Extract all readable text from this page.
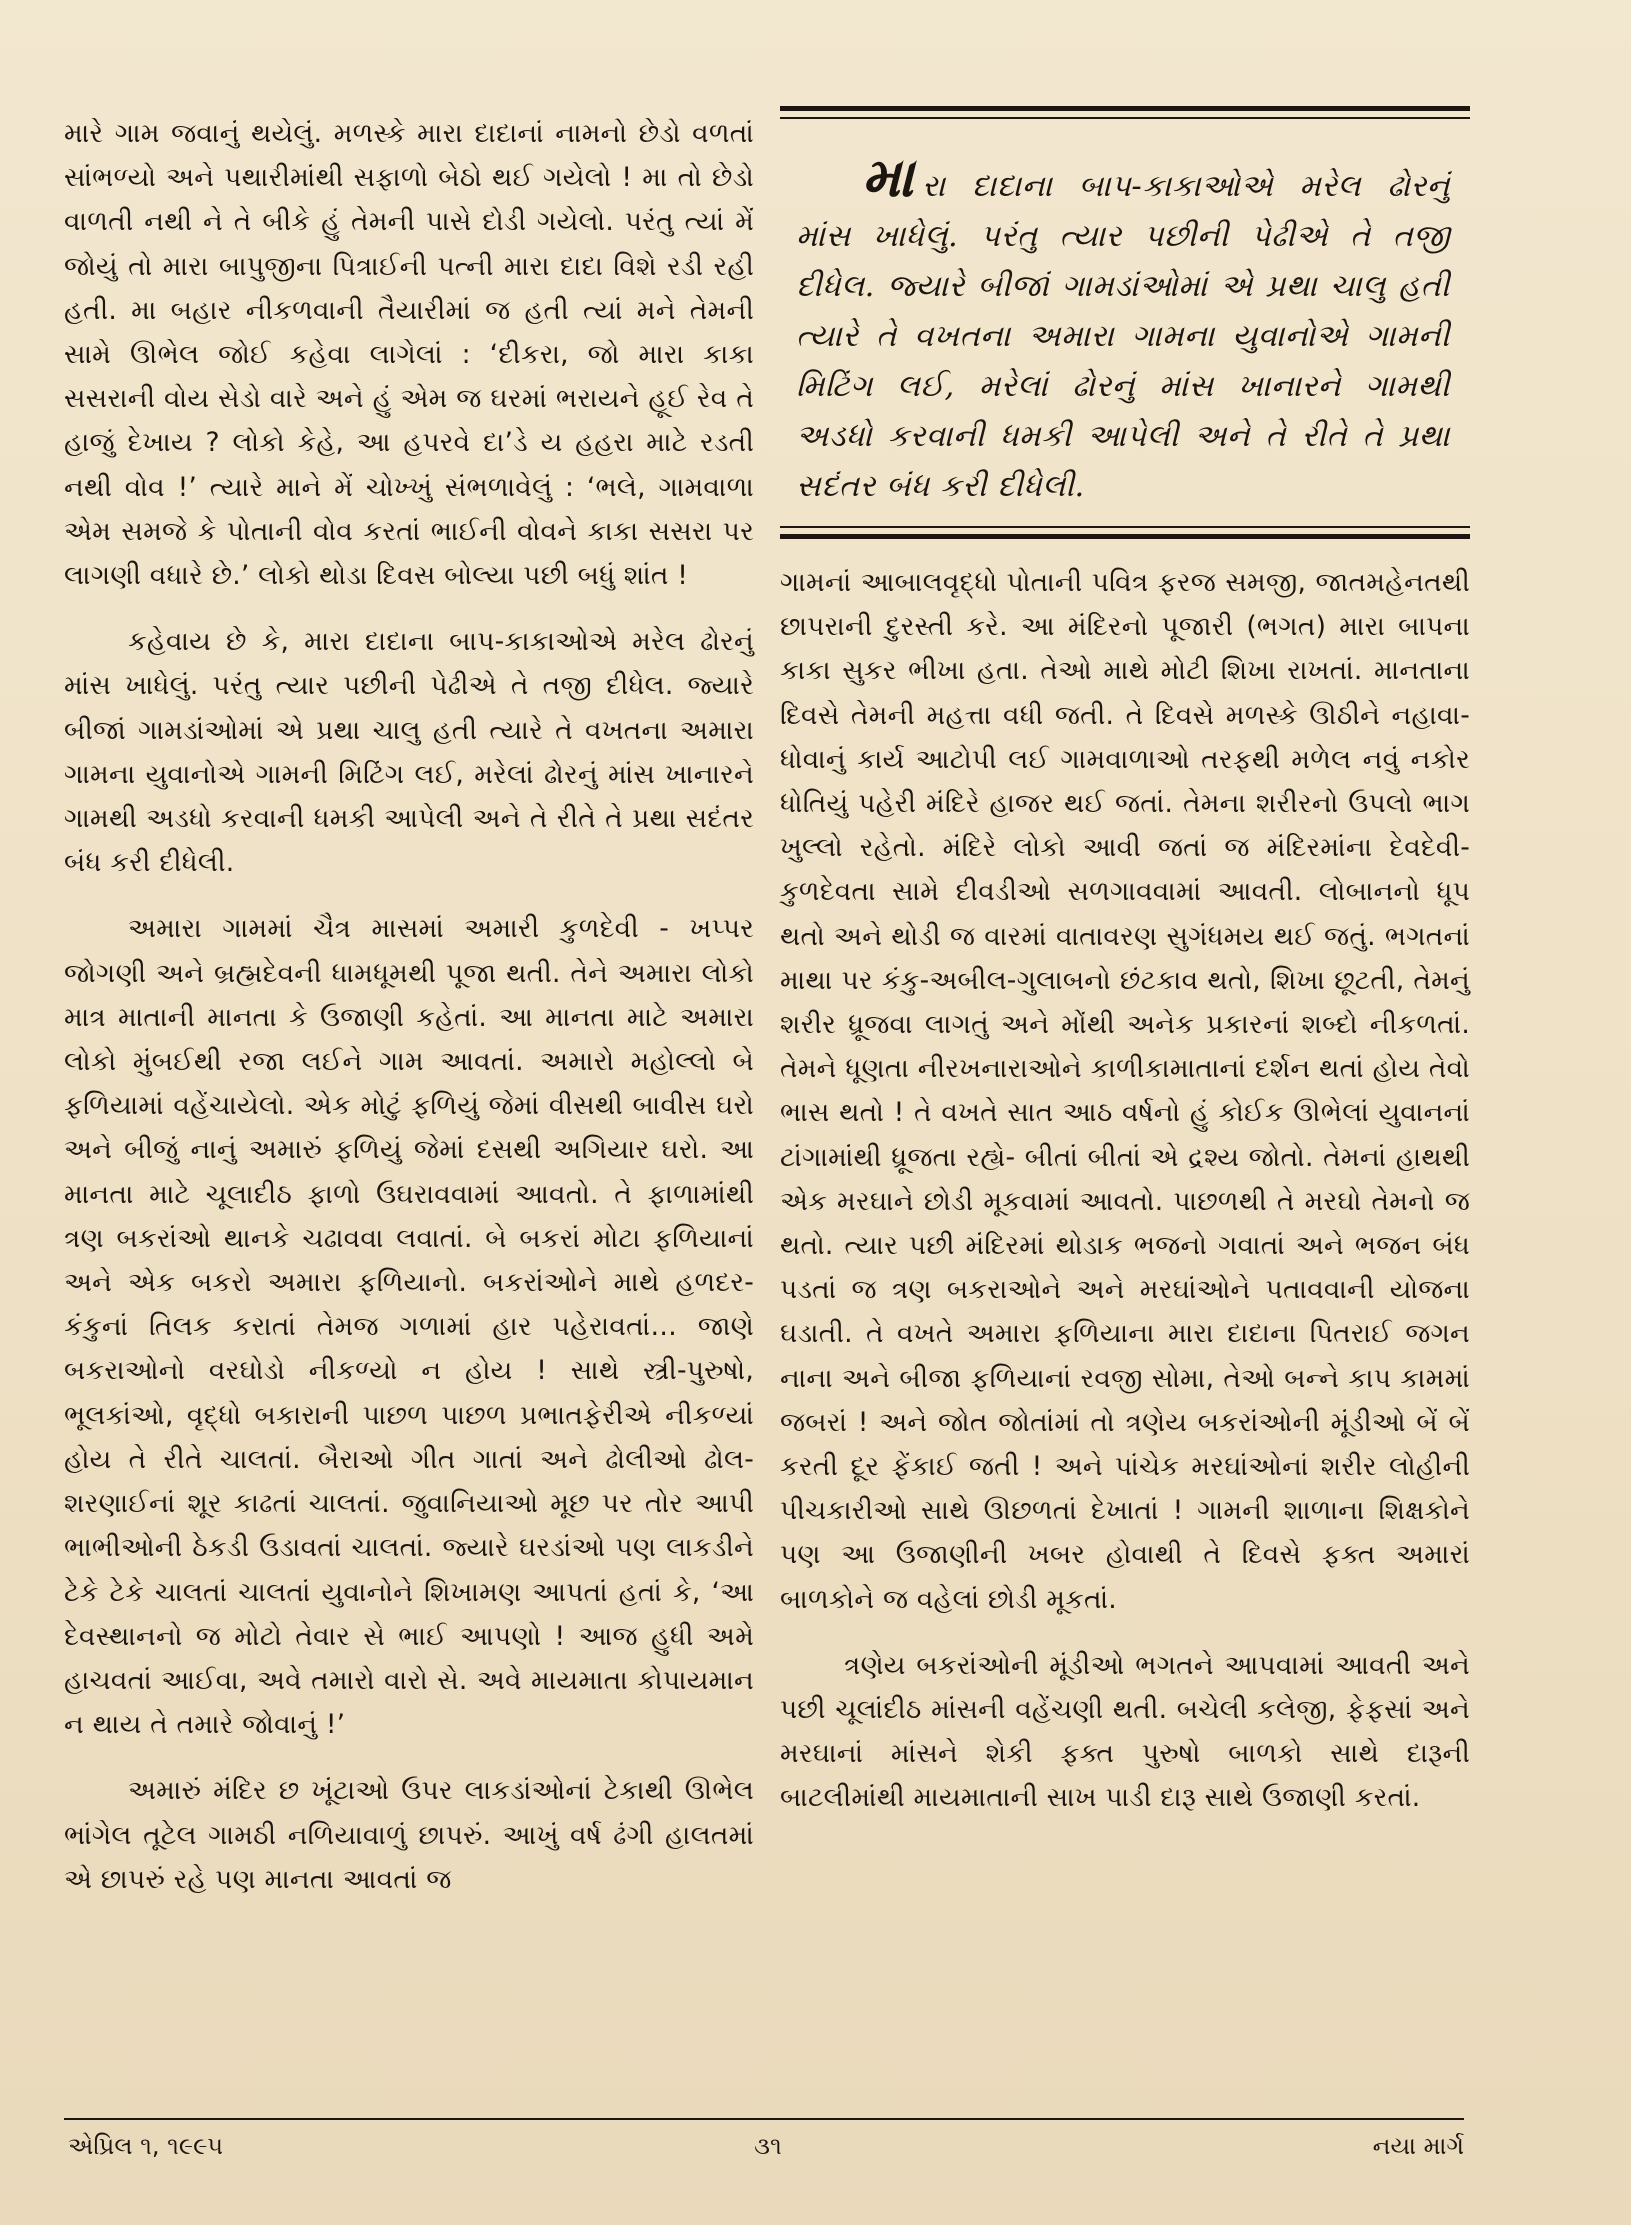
મારે ગામ જવાનું થયેલું. મળસ્કે મારા દાદાનાં નામનો છેડો વળતાં સાંભળ્યો અને પથારીમાંથી સફાળો બેઠો થઈ ગયેલો ! મા તો છેડો વાળતી નથી ને તે બીકે હું તેમની પાસે દોડી ગયેલો. પરંતુ ત્યાં મેં જોયું તો મારા બાપુજીના પિત્રાઈની પત્ની મારા દાદા વિશે રડી રહી હતી. મા બહાર નીકળવાની તૈયારીમાં જ હતી ત્યાં મને તેમની સામે ઊભેલ જોઈ કહેવા લાગેલાં : ‘દીકરા, જો મારા કાકા સસરાની વોય સેડો વારે અને હું એમ જ ઘરમાં ભરાયને હૂઈ રેવ તે હાજું દેખાય ? લોકો કેહે, આ હપરવે દા’ડે ય હહરા માટે રડતી નથી વોવ !’ ત્યારે માને મેં ચોખ્ખું સંભળાવેલું : ‘ભલે, ગામવાળા એમ સમજે કે પોતાની વોવ કરતાં ભાઈની વોવને કાકા સસરા પર લાગણી વધારે છે.’ લોકો થોડા દિવસ બોલ્યા પછી બધું શાંત !

કહેવાય છે કે, મારા દાદાના બાપ-કાકાઓએ મરેલ ઢોરનું માંસ ખાધેલું. પરંતુ ત્યાર પછીની પેઢીએ તે તજી દીધેલ. જ્યારે બીજાં ગામડાંઓમાં એ પ્રથા ચાલુ હતી ત્યારે તે વખતના અમારા ગામના યુવાનોએ ગામની મિટિંગ લઈ, મરેલાં ઢોરનું માંસ ખાનારને ગામથી અડધો કરવાની ધમકી આપેલી અને તે રીતે તે પ્રથા સદંતર બંધ કરી દીધેલી.

અમારા ગામમાં ચૈત્ર માસમાં અમારી કુળદેવી - ખપ્પર જોગણી અને બ્રહ્મદેવની ધામધૂમથી પૂજા થતી. તેને અમારા લોકો માત્ર માતાની માનતા કે ઉજાણી કહેતાં. આ માનતા માટે અમારા લોકો મુંબઈથી રજા લઈને ગામ આવતાં. અમારો મહોલ્લો બે ફળિયામાં વહેંચાયેલો. એક મોટું ફળિયું જેમાં વીસથી બાવીસ ઘરો અને બીજું નાનું અમારું ફળિયું જેમાં દસથી અગિયાર ઘરો. આ માનતા માટે ચૂલાદીઠ ફાળો ઉઘરાવવામાં આવતો. તે ફાળામાંથી ત્રણ બકરાંઓ થાનકે ચઢાવવા લવાતાં. બે બકરાં મોટા ફળિયાનાં અને એક બકરો અમારા ફળિયાનો. બકરાંઓને માથે હળદર-કંકુનાં તિલક કરાતાં તેમજ ગળામાં હાર પહેરાવતાં… જાણે બકરાઓનો વરઘોડો નીકળ્યો ન હોય ! સાથે સ્ત્રી-પુરુષો, ભૂલકાંઓ, વૃદ્ધો બકારાની પાછળ પાછળ પ્રભાતફેરીએ નીકળ્યાં હોય તે રીતે ચાલતાં. બૈરાઓ ગીત ગાતાં અને ઢોલીઓ ઢોલ-શરણાઈનાં શૂર કાઢતાં ચાલતાં. જુવાનિયાઓ મૂછ પર તોર આપી ભાભીઓની ઠેકડી ઉડાવતાં ચાલતાં. જ્યારે ઘરડાંઓ પણ લાકડીને ટેકે ટેકે ચાલતાં ચાલતાં યુવાનોને શિખામણ આપતાં હતાં કે, ‘આ દેવસ્થાનનો જ મોટો તેવાર સે ભાઈ આપણો ! આજ હુધી અમે હાચવતાં આઈવા, અવે તમારો વારો સે. અવે માયમાતા કોપાયમાન ન થાય તે તમારે જોવાનું !’

અમારું મંદિર છ ખૂંટાઓ ઉપર લાકડાંઓનાં ટેકાથી ઊભેલ ભાંગેલ તૂટેલ ગામઠી નળિયાવાળું છાપરું. આખું વર્ષ ઢંગી હાલતમાં એ છાપરું રહે પણ માનતા આવતાં જ

મારા દાદાના બાપ-કાકાઓએ મરેલ ઢોરનું માંસ ખાધેલું. પરંતુ ત્યાર પછીની પેઢીએ તે તજી દીધેલ. જ્યારે બીજાં ગામડાંઓમાં એ પ્રથા ચાલુ હતી ત્યારે તે વખતના અમારા ગામના યુવાનોએ ગામની મિટિંગ લઈ, મરેલાં ઢોરનું માંસ ખાનારને ગામથી અડધો કરવાની ધમકી આપેલી અને તે રીતે તે પ્રથા સદંતર બંધ કરી દીધેલી.

ગામનાં આબાલવૃદ્ધો પોતાની પવિત્ર ફરજ સમજી, જાતમહેનતથી છાપરાની દુરસ્તી કરે. આ મંદિરનો પૂજારી (ભગત) મારા બાપના કાકા સુકર ભીખા હતા. તેઓ માથે મોટી શિખા રાખતાં. માનતાના દિવસે તેમની મહત્તા વધી જતી. તે દિવસે મળસ્કે ઊઠીને નહાવા-ધોવાનું કાર્ય આટોપી લઈ ગામવાળાઓ તરફથી મળેલ નવું નકોર ધોતિયું પહેરી મંદિરે હાજર થઈ જતાં. તેમના શરીરનો ઉપલો ભાગ ખુલ્લો રહેતો. મંદિરે લોકો આવી જતાં જ મંદિરમાંના દેવદેવી-કુળદેવતા સામે દીવડીઓ સળગાવવામાં આવતી. લોબાનનો ધૂપ થતો અને થોડી જ વારમાં વાતાવરણ સુગંધમય થઈ જતું. ભગતનાં માથા પર કંકુ-અબીલ-ગુલાબનો છંટકાવ થતો, શિખા છૂટતી, તેમનું શરીર ધ્રૂજવા લાગતું અને મોંથી અનેક પ્રકારનાં શબ્દો નીકળતાં. તેમને ધૂણતા નીરખનારાઓને કાળીકામાતાનાં દર્શન થતાં હોય તેવો ભાસ થતો ! તે વખતે સાત આઠ વર્ષનો હું કોઈક ઊભેલાં યુવાનનાં ટાંગામાંથી ધ્રૂજતા રહ્યે- બીતાં બીતાં એ દ્રશ્ય જોતો. તેમનાં હાથથી એક મરઘાને છોડી મૂકવામાં આવતો. પાછળથી તે મરઘો તેમનો જ થતો. ત્યાર પછી મંદિરમાં થોડાક ભજનો ગવાતાં અને ભજન બંધ પડતાં જ ત્રણ બકરાઓને અને મરઘાંઓને પતાવવાની યોજના ઘડાતી. તે વખતે અમારા ફળિયાના મારા દાદાના પિતરાઈ જગન નાના અને બીજા ફળિયાનાં રવજી સોમા, તેઓ બન્ને કાપ કામમાં જબરાં ! અને જોત જોતાંમાં તો ત્રણેય બકરાંઓની મૂંડીઓ બેં બેં કરતી દૂર ફેંકાઈ જતી ! અને પાંચેક મરઘાંઓનાં શરીર લોહીની પીચકારીઓ સાથે ઊછળતાં દેખાતાં ! ગામની શાળાના શિક્ષકોને પણ આ ઉજાણીની ખબર હોવાથી તે દિવસે ફક્ત અમારાં બાળકોને જ વહેલાં છોડી મૂકતાં.

ત્રણેય બકરાંઓની મૂંડીઓ ભગતને આપવામાં આવતી અને પછી ચૂલાંદીઠ માંસની વહેંચણી થતી. બચેલી કલેજી, ફેફસાં અને મરઘાનાં માંસને શેકી ફક્ત પુરુષો બાળકો સાથે દારૂની બાટલીમાંથી માયમાતાની સાખ પાડી દારૂ સાથે ઉજાણી કરતાં.

એપ્રિલ ૧, ૧૯૯૫	૩૧	નયા માર્ગ
